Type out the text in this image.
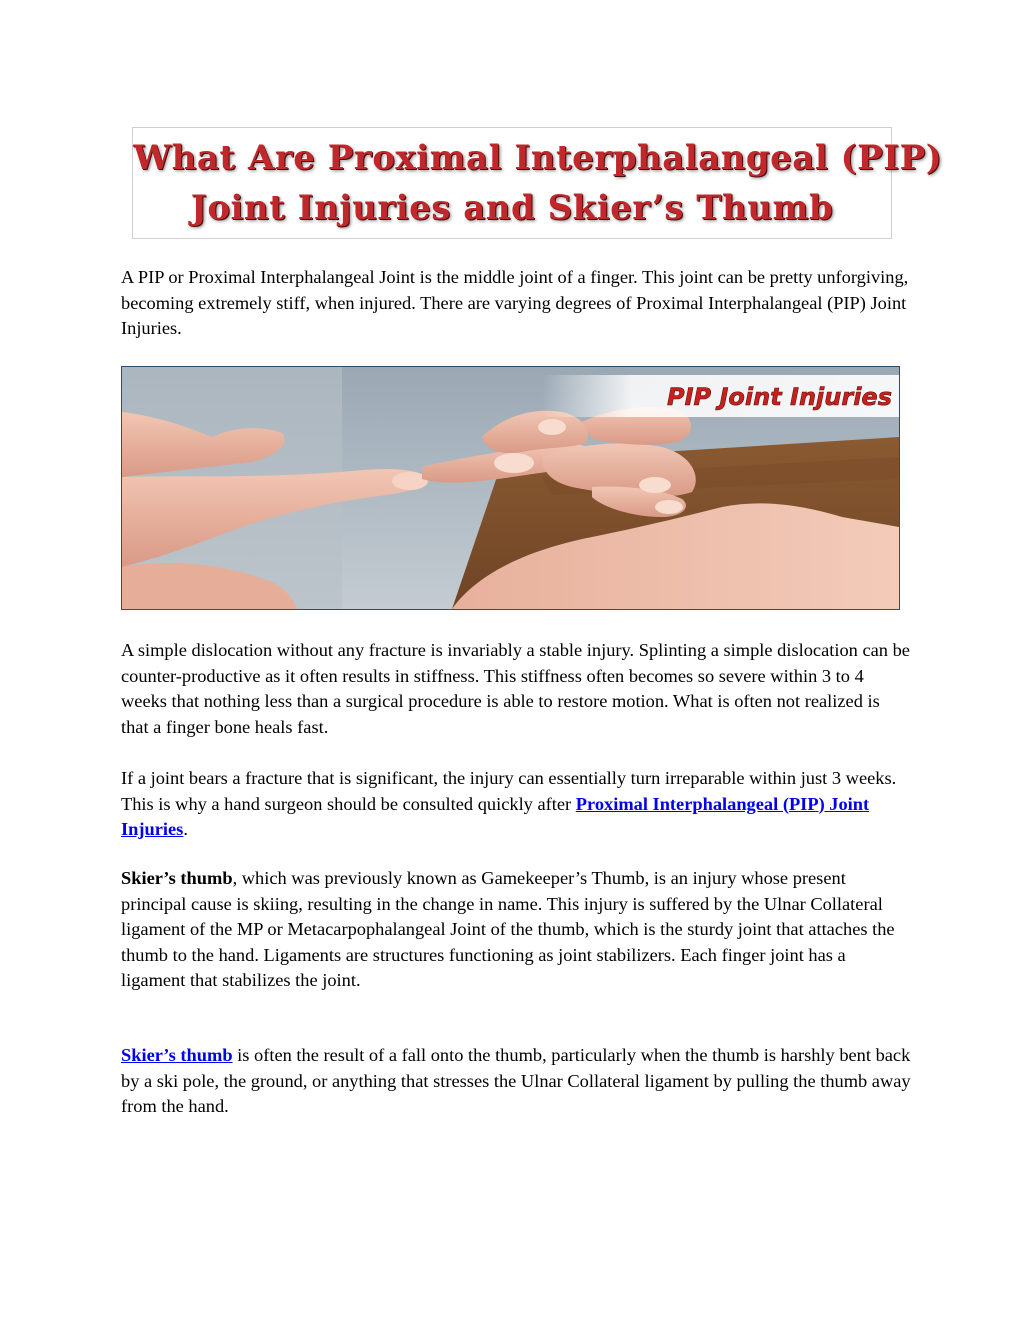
What Are Proximal Interphalangeal (PIP)
Joint Injuries and Skier’s Thumb

A PIP or Proximal Interphalangeal Joint is the middle joint of a finger. This joint can be pretty unforgiving, becoming extremely stiff, when injured. There are varying degrees of Proximal Interphalangeal (PIP) Joint Injuries.

PIP Joint Injuries

A simple dislocation without any fracture is invariably a stable injury. Splinting a simple dislocation can be counter-productive as it often results in stiffness. This stiffness often becomes so severe within 3 to 4 weeks that nothing less than a surgical procedure is able to restore motion. What is often not realized is that a finger bone heals fast.

If a joint bears a fracture that is significant, the injury can essentially turn irreparable within just 3 weeks. This is why a hand surgeon should be consulted quickly after Proximal Interphalangeal (PIP) Joint Injuries.

Skier’s thumb, which was previously known as Gamekeeper’s Thumb, is an injury whose present principal cause is skiing, resulting in the change in name. This injury is suffered by the Ulnar Collateral ligament of the MP or Metacarpophalangeal Joint of the thumb, which is the sturdy joint that attaches the thumb to the hand. Ligaments are structures functioning as joint stabilizers. Each finger joint has a ligament that stabilizes the joint.

Skier’s thumb is often the result of a fall onto the thumb, particularly when the thumb is harshly bent back by a ski pole, the ground, or anything that stresses the Ulnar Collateral ligament by pulling the thumb away from the hand.
